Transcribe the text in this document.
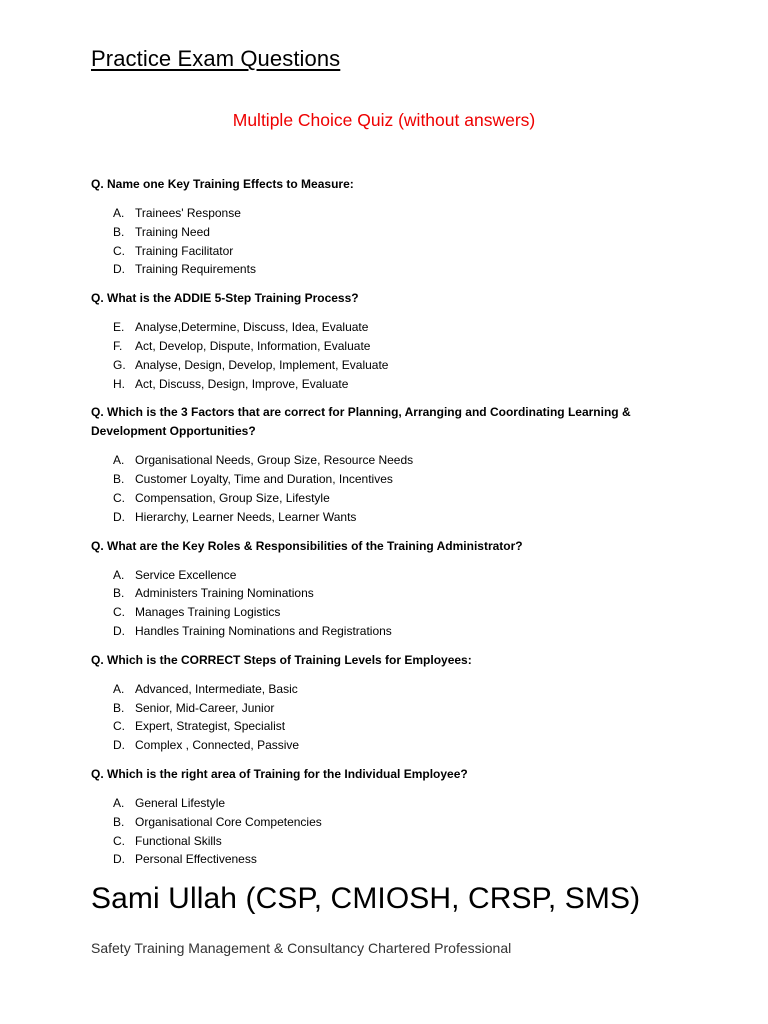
Practice Exam Questions
Multiple Choice Quiz (without answers)

Q. Name one Key Training Effects to Measure:

A. Trainees' Response
B. Training Need
C. Training Facilitator
D. Training Requirements

Q. What is the ADDIE 5-Step Training Process?

E. Analyse,Determine, Discuss, Idea, Evaluate
F. Act, Develop, Dispute, Information, Evaluate
G. Analyse, Design, Develop, Implement, Evaluate
H. Act, Discuss, Design, Improve, Evaluate

Q. Which is the 3 Factors that are correct for Planning, Arranging and Coordinating Learning & Development Opportunities?

A. Organisational Needs, Group Size, Resource Needs
B. Customer Loyalty, Time and Duration, Incentives
C. Compensation, Group Size, Lifestyle
D. Hierarchy, Learner Needs, Learner Wants

Q. What are the Key Roles & Responsibilities of the Training Administrator?

A. Service Excellence
B. Administers Training Nominations
C. Manages Training Logistics
D. Handles Training Nominations and Registrations

Q. Which is the CORRECT Steps of Training Levels for Employees:

A. Advanced, Intermediate, Basic
B. Senior, Mid-Career, Junior
C. Expert, Strategist, Specialist
D. Complex , Connected, Passive

Q. Which is the right area of Training for the Individual Employee?

A. General Lifestyle
B. Organisational Core Competencies
C. Functional Skills
D. Personal Effectiveness
Sami Ullah (CSP, CMIOSH, CRSP, SMS)
Safety Training Management & Consultancy Chartered Professional
